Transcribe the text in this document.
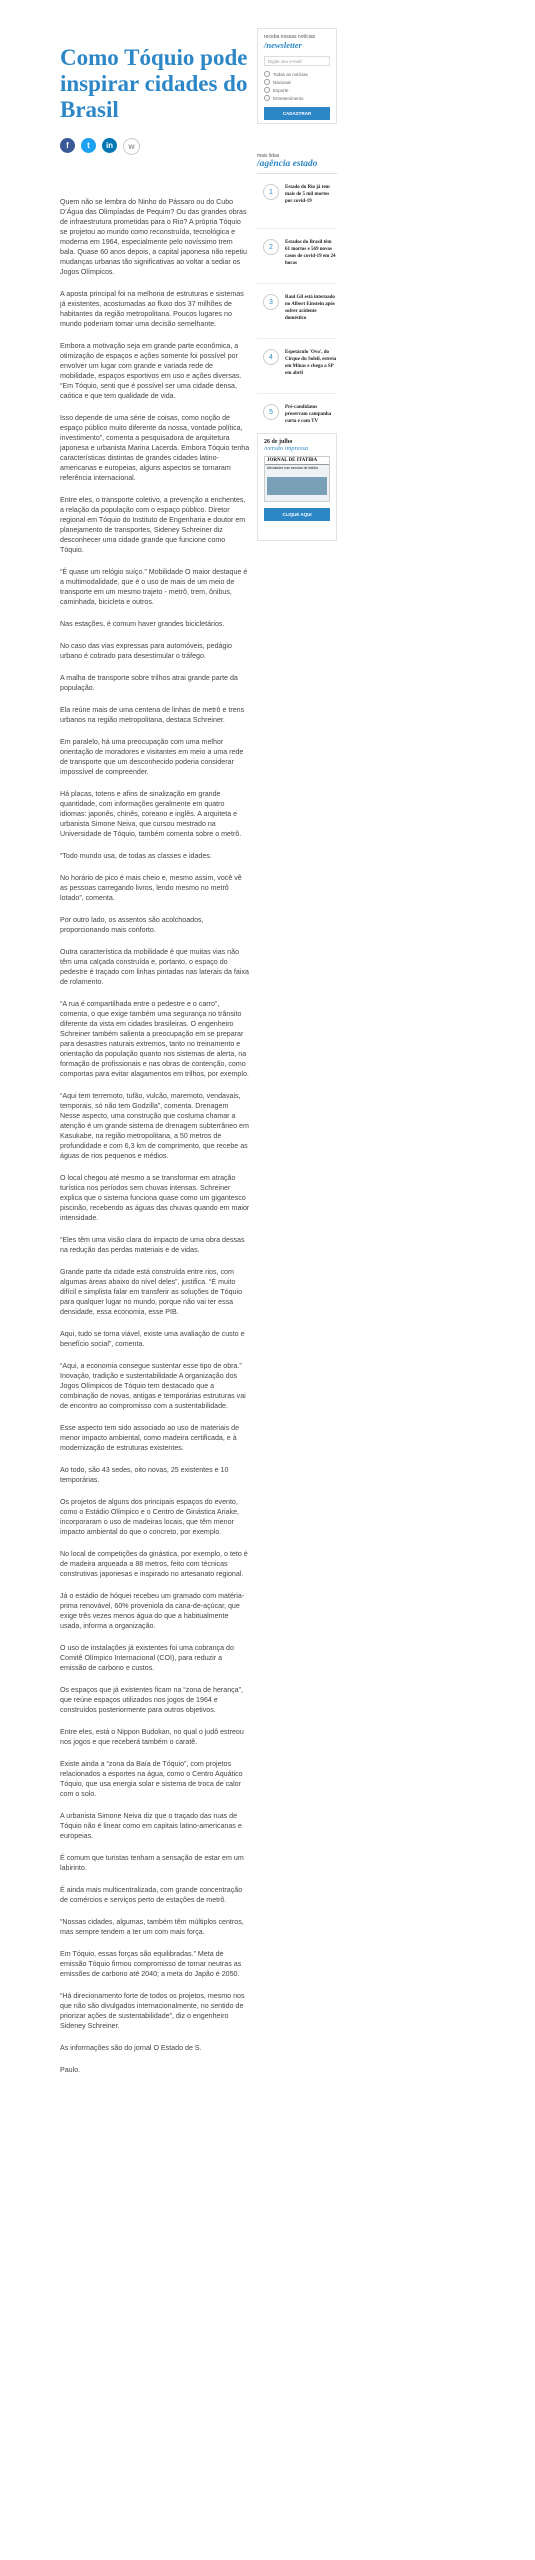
Como Tóquio pode inspirar cidades do Brasil
f	t	in	w

Quem não se lembra do Ninho do Pássaro ou do Cubo D’Água das Olimpíadas de Pequim? Ou das grandes obras de infraestrutura prometidas para o Rio? A própria Tóquio se projetou ao mundo como reconstruída, tecnológica e moderna em 1964, especialmente pelo novíssimo trem bala. Quase 60 anos depois, a capital japonesa não repetiu mudanças urbanas tão significativas ao voltar a sediar os Jogos Olímpicos.

A aposta principal foi na melhoria de estruturas e sistemas já existentes, acostumadas ao fluxo dos 37 milhões de habitantes da região metropolitana. Poucos lugares no mundo poderiam tomar uma decisão semelhante.

Embora a motivação seja em grande parte econômica, a otimização de espaços e ações somente foi possível por envolver um lugar com grande e variada rede de mobilidade, espaços esportivos em uso e ações diversas. “Em Tóquio, senti que é possível ser uma cidade densa, caótica e que tem qualidade de vida.

Isso depende de uma série de coisas, como noção de espaço público muito diferente da nossa, vontade política, investimento”, comenta a pesquisadora de arquitetura japonesa e urbanista Marina Lacerda. Embora Tóquio tenha características distintas de grandes cidades latino-americanas e europeias, alguns aspectos se tornaram referência internacional.

Entre eles, o transporte coletivo, a prevenção a enchentes, a relação da população com o espaço público. Diretor regional em Tóquio do Instituto de Engenharia e doutor em planejamento de transportes, Sideney Schreiner diz desconhecer uma cidade grande que funcione como Tóquio.

“É quase um relógio suíço.” Mobilidade O maior destaque é a multimodalidade, que é o uso de mais de um meio de transporte em um mesmo trajeto - metrô, trem, ônibus, caminhada, bicicleta e outros.

Nas estações, é comum haver grandes bicicletários.

No caso das vias expressas para automóveis, pedágio urbano é cobrado para desestimular o tráfego.

A malha de transporte sobre trilhos atrai grande parte da população.

Ela reúne mais de uma centena de linhas de metrô e trens urbanos na região metropolitana, destaca Schreiner.

Em paralelo, há uma preocupação com uma melhor orientação de moradores e visitantes em meio a uma rede de transporte que um desconhecido poderia considerar impossível de compreender.

Há placas, totens e afins de sinalização em grande quantidade, com informações geralmente em quatro idiomas: japonês, chinês, coreano e inglês. A arquiteta e urbanista Simone Neiva, que cursou mestrado na Universidade de Tóquio, também comenta sobre o metrô.

“Todo mundo usa, de todas as classes e idades.

No horário de pico é mais cheio e, mesmo assim, você vê as pessoas carregando livros, lendo mesmo no metrô lotado”, comenta.

Por outro lado, os assentos são acolchoados, proporcionando mais conforto.

Outra característica da mobilidade é que muitas vias não têm uma calçada construída e, portanto, o espaço do pedestre é traçado com linhas pintadas nas laterais da faixa de rolamento.

“A rua é compartilhada entre o pedestre e o carro”, comenta, o que exige também uma segurança no trânsito diferente da vista em cidades brasileiras. O engenheiro Schreiner também salienta a preocupação em se preparar para desastres naturais extremos, tanto no treinamento e orientação da população quanto nos sistemas de alerta, na formação de profissionais e nas obras de contenção, como comportas para evitar alagamentos em trilhos, por exemplo.

“Aqui tem terremoto, tufão, vulcão, maremoto, vendavais, temporais, só não tem Godzilla”, comenta. Drenagem Nesse aspecto, uma construção que costuma chamar a atenção é um grande sistema de drenagem subterrâneo em Kasukabe, na região metropolitana, a 50 metros de profundidade e com 6,3 km de comprimento, que recebe as águas de rios pequenos e médios.

O local chegou até mesmo a se transformar em atração turística nos períodos sem chuvas intensas. Schreiner explica que o sistema funciona quase como um gigantesco piscinão, recebendo as águas das chuvas quando em maior intensidade.

“Eles têm uma visão clara do impacto de uma obra dessas na redução das perdas materiais e de vidas.

Grande parte da cidade está construída entre rios, com algumas áreas abaixo do nível deles”, justifica. “É muito difícil e simplista falar em transferir as soluções de Tóquio para qualquer lugar no mundo, porque não vai ter essa densidade, essa economia, esse PIB.

Aqui, tudo se torna viável, existe uma avaliação de custo e benefício social”, comenta.

“Aqui, a economia consegue sustentar esse tipo de obra.” Inovação, tradição e sustentabilidade A organização dos Jogos Olímpicos de Tóquio tem destacado que a combinação de novas, antigas e temporárias estruturas vai de encontro ao compromisso com a sustentabilidade.

Esse aspecto tem sido associado ao uso de materiais de menor impacto ambiental, como madeira certificada, e à modernização de estruturas existentes.

Ao todo, são 43 sedes, oito novas, 25 existentes e 10 temporárias.

Os projetos de alguns dos principais espaços do evento, como o Estádio Olímpico e o Centro de Ginástica Ariake, incorporaram o uso de madeiras locais, que têm menor impacto ambiental do que o concreto, por exemplo.

No local de competições da ginástica, por exemplo, o teto é de madeira arqueada a 88 metros, feito com técnicas construtivas japonesas e inspirado no artesanato regional.

Já o estádio de hóquei recebeu um gramado com matéria-prima renovável, 60% proveniola da cana-de-açúcar, que exige três vezes menos água do que a habitualmente usada, informa a organização.

O uso de instalações já existentes foi uma cobrança do Comitê Olímpico Internacional (COI), para reduzir a emissão de carbono e custos.

Os espaços que já existentes ficam na “zona de herança”, que reúne espaços utilizados nos jogos de 1964 e construídos posteriormente para outros objetivos.

Entre eles, está o Nippon Budokan, no qual o judô estreou nos jogos e que receberá também o caratê.

Existe ainda a “zona da Baía de Tóquio”, com projetos relacionados a esportes na água, como o Centro Aquático Tóquio, que usa energia solar e sistema de troca de calor com o solo.

A urbanista Simone Neiva diz que o traçado das ruas de Tóquio não é linear como em capitais latino-americanas e europeias.

É comum que turistas tenham a sensação de estar em um labirinto.

É ainda mais multicentralizada, com grande concentração de comércios e serviços perto de estações de metrô.

“Nossas cidades, algumas, também têm múltiplos centros, mas sempre tendem a ter um com mais força.

Em Tóquio, essas forças são equilibradas.” Meta de emissão Tóquio firmou compromisso de tornar neutras as emissões de carbono até 2040; a meta do Japão é 2050.

“Há direcionamento forte de todos os projetos, mesmo nos que não são divulgados internacionalmente, no sentido de priorizar ações de sustentabilidade”, diz o engenheiro Sideney Schreiner.

As informações são do jornal O Estado de S.

Paulo.

receba nossas notícias
/newsletter
Digite seu e-mail
Todas as notícias
Nacional
Esporte
Entretenimento
CADASTRAR
mais lidas
/agência estado
1
Estado do Rio já tem mais de 5 mil mortes por covid-19
2
Estados do Brasil têm 61 mortos e 569 novos casos de covid-19 em 24 horas
3
Raul Gil está internado no Albert Einstein após sofrer acidente doméstico
4
Espetáculo 'Ovo', do Cirque du Soleil, estreia em Minas e chega a SP em abril
5
Pré-candidatos preservam campanha curta e com TV
26 de julho
/versão impressa
JORNAL DE ITATIBA
Atividades nas escolas de Itatiba
CLIQUE AQUI
